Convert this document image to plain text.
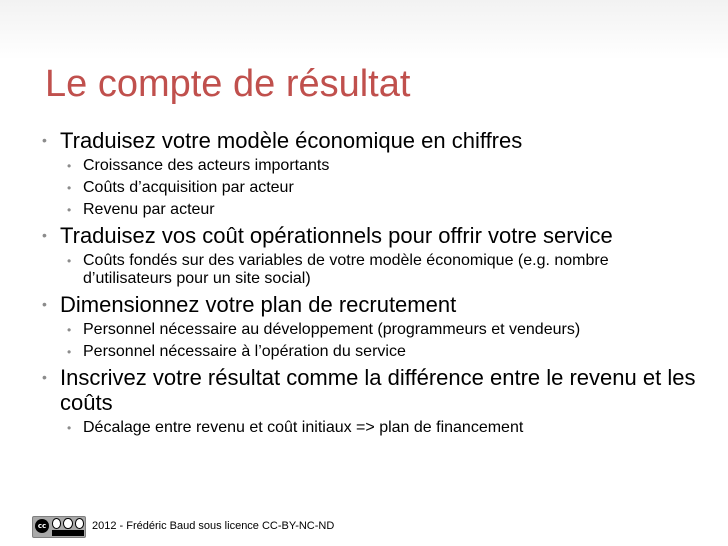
Le compte de résultat
• Traduisez votre modèle économique en chiffres
• Croissance des acteurs importants
• Coûts d’acquisition par acteur
• Revenu par acteur
• Traduisez vos coût opérationnels pour offrir votre service
• Coûts fondés sur des variables de votre modèle économique (e.g. nombre d’utilisateurs pour un site social)
• Dimensionnez votre plan de recrutement
• Personnel nécessaire au développement (programmeurs et vendeurs)
• Personnel nécessaire à l’opération du service
• Inscrivez votre résultat comme la différence entre le revenu et les coûts
• Décalage entre revenu et coût initiaux => plan de financement
cc	2012 - Frédéric Baud sous licence CC-BY-NC-ND
